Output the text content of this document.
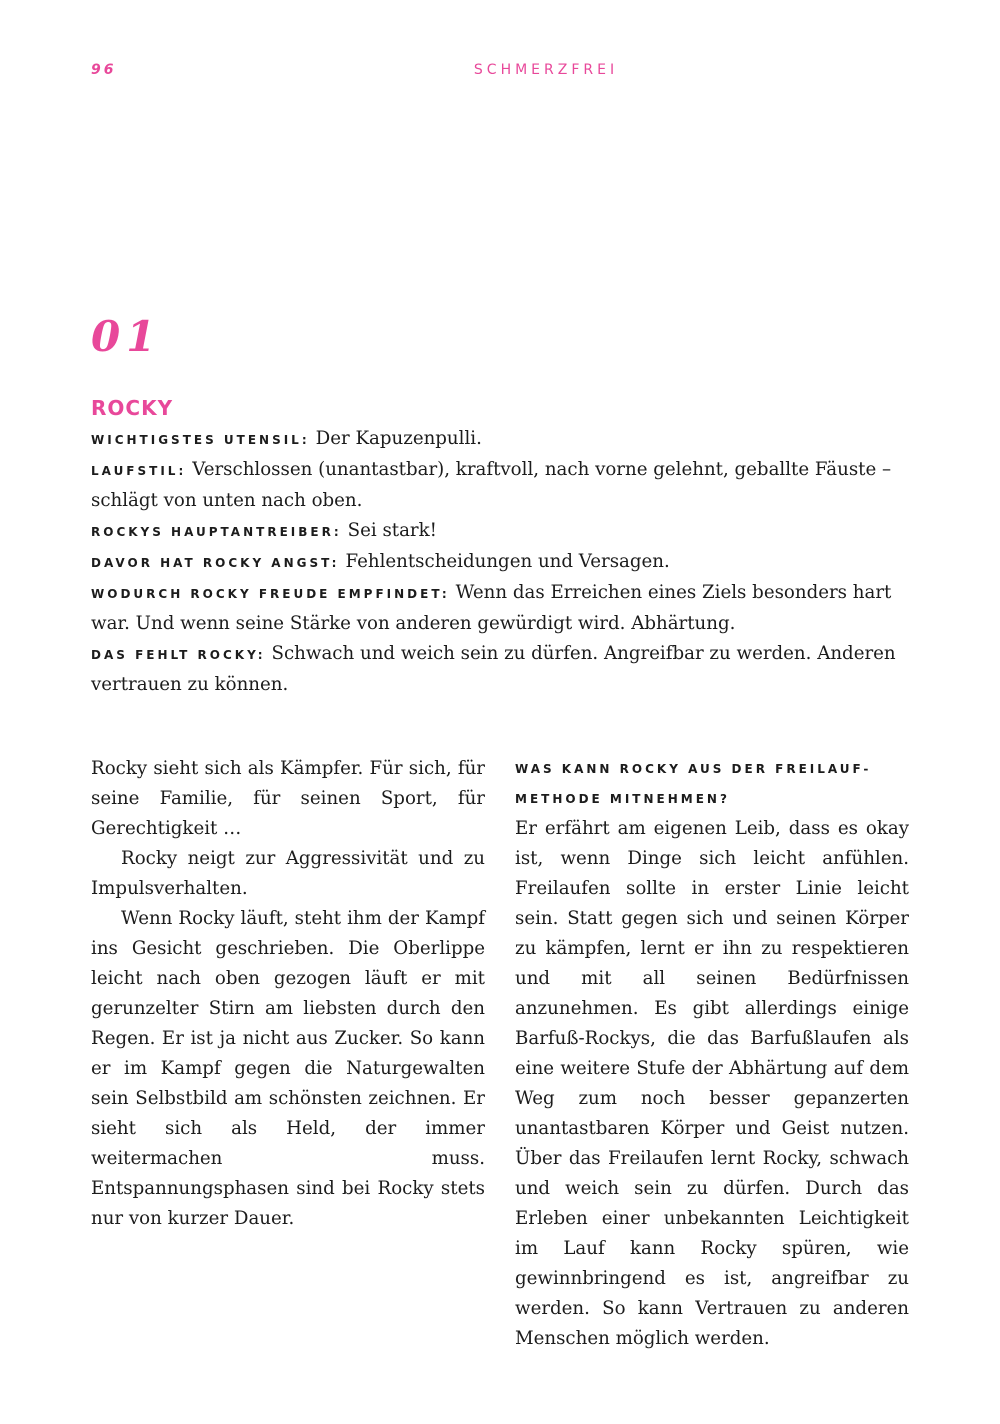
96	SCHMERZFREI
01
ROCKY

WICHTIGSTES UTENSIL: Der Kapuzenpulli.

LAUFSTIL: Verschlossen (unantastbar), kraftvoll, nach vorne gelehnt, geballte Fäuste – schlägt von unten nach oben.

ROCKYS HAUPTANTREIBER: Sei stark!

DAVOR HAT ROCKY ANGST: Fehlentscheidungen und Versagen.

WODURCH ROCKY FREUDE EMPFINDET: Wenn das Erreichen eines Ziels besonders hart war. Und wenn seine Stärke von anderen gewürdigt wird. Abhärtung.

DAS FEHLT ROCKY: Schwach und weich sein zu dürfen. Angreifbar zu werden. Anderen vertrauen zu können.

Rocky sieht sich als Kämpfer. Für sich, für seine Familie, für seinen Sport, für Gerechtigkeit …

Rocky neigt zur Aggressivität und zu Impulsverhalten.

Wenn Rocky läuft, steht ihm der Kampf ins Gesicht geschrieben. Die Oberlippe leicht nach oben gezogen läuft er mit gerunzelter Stirn am liebsten durch den Regen. Er ist ja nicht aus Zucker. So kann er im Kampf gegen die Naturgewalten sein Selbstbild am schönsten zeichnen. Er sieht sich als Held, der immer weitermachen muss. Entspannungsphasen sind bei Rocky stets nur von kurzer Dauer.

WAS KANN ROCKY AUS DER FREILAUF-METHODE MITNEHMEN?

Er erfährt am eigenen Leib, dass es okay ist, wenn Dinge sich leicht anfühlen. Freilaufen sollte in erster Linie leicht sein. Statt gegen sich und seinen Körper zu kämpfen, lernt er ihn zu respektieren und mit all seinen Bedürfnissen anzunehmen. Es gibt allerdings einige Barfuß-Rockys, die das Barfußlaufen als eine weitere Stufe der Abhärtung auf dem Weg zum noch besser gepanzerten unantastbaren Körper und Geist nutzen. Über das Freilaufen lernt Rocky, schwach und weich sein zu dürfen. Durch das Erleben einer unbekannten Leichtigkeit im Lauf kann Rocky spüren, wie gewinnbringend es ist, angreifbar zu werden. So kann Vertrauen zu anderen Menschen möglich werden.
